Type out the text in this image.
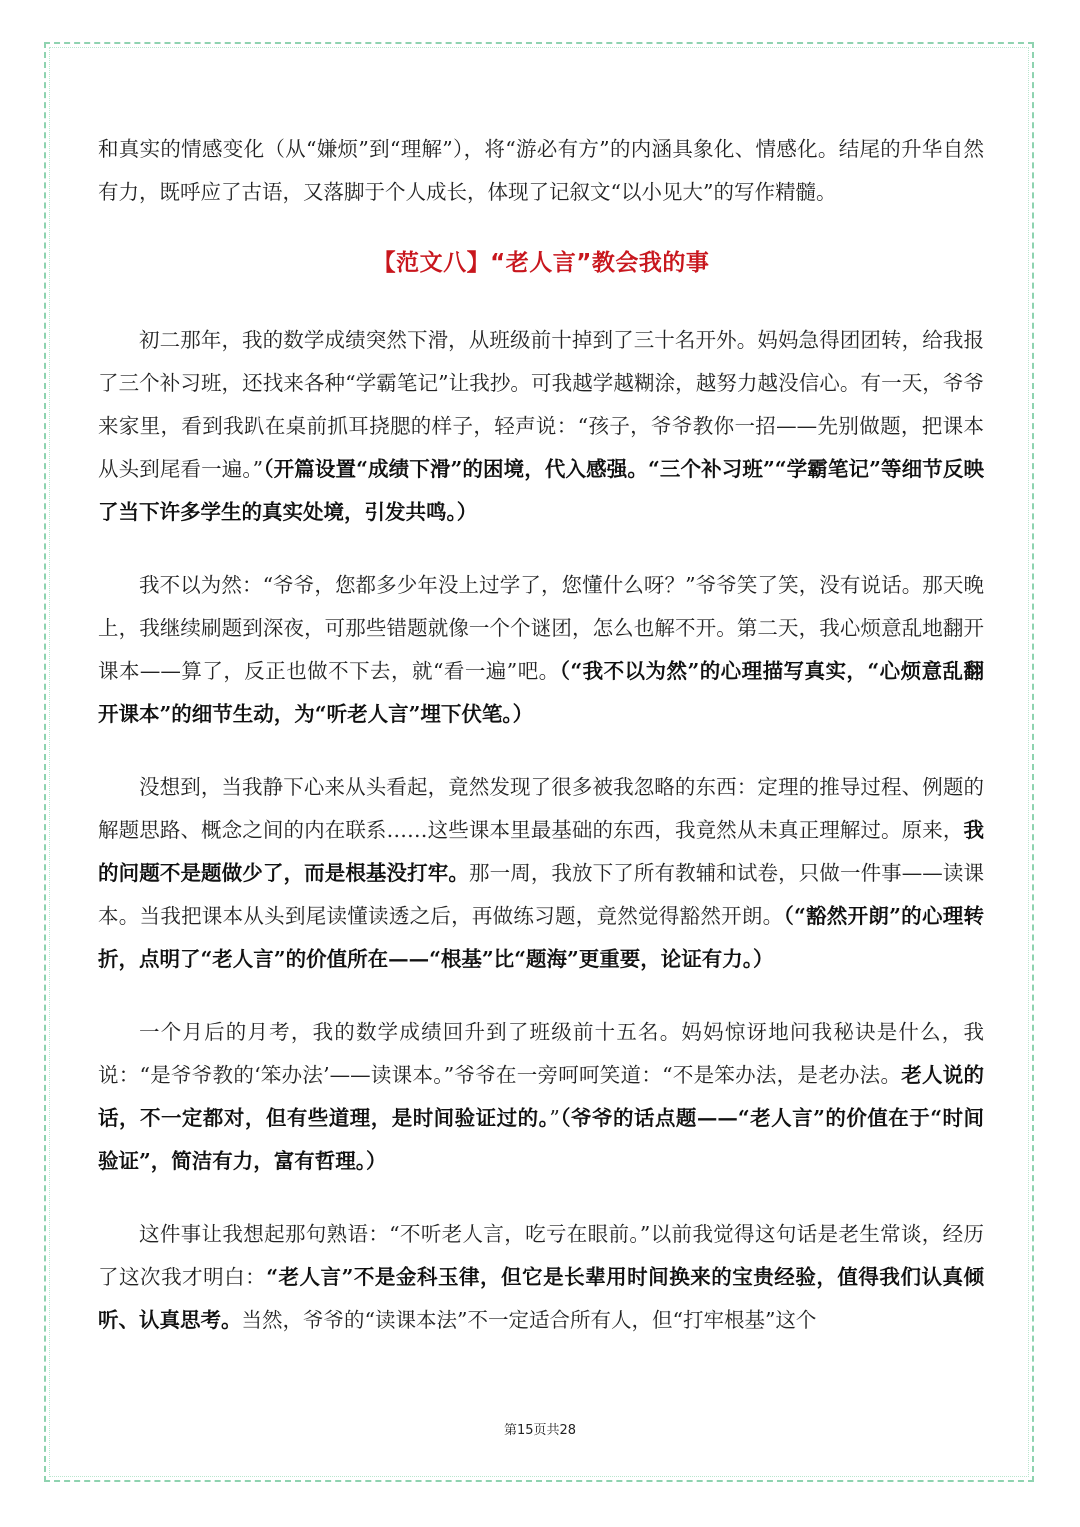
和真实的情感变化（从“嫌烦”到“理解”），将“游必有方”的内涵具象化、情感化。结尾的升华自然有力，既呼应了古语，又落脚于个人成长，体现了记叙文“以小见大”的写作精髓。

【范文八】“老人言”教会我的事

初二那年，我的数学成绩突然下滑，从班级前十掉到了三十名开外。妈妈急得团团转，给我报了三个补习班，还找来各种“学霸笔记”让我抄。可我越学越糊涂，越努力越没信心。有一天，爷爷来家里，看到我趴在桌前抓耳挠腮的样子，轻声说：“孩子，爷爷教你一招——先别做题，把课本从头到尾看一遍。”（开篇设置“成绩下滑”的困境，代入感强。“三个补习班”“学霸笔记”等细节反映了当下许多学生的真实处境，引发共鸣。）

我不以为然：“爷爷，您都多少年没上过学了，您懂什么呀？”爷爷笑了笑，没有说话。那天晚上，我继续刷题到深夜，可那些错题就像一个个谜团，怎么也解不开。第二天，我心烦意乱地翻开课本——算了，反正也做不下去，就“看一遍”吧。（“我不以为然”的心理描写真实，“心烦意乱翻开课本”的细节生动，为“听老人言”埋下伏笔。）

没想到，当我静下心来从头看起，竟然发现了很多被我忽略的东西：定理的推导过程、例题的解题思路、概念之间的内在联系……这些课本里最基础的东西，我竟然从未真正理解过。原来，我的问题不是题做少了，而是根基没打牢。那一周，我放下了所有教辅和试卷，只做一件事——读课本。当我把课本从头到尾读懂读透之后，再做练习题，竟然觉得豁然开朗。（“豁然开朗”的心理转折，点明了“老人言”的价值所在——“根基”比“题海”更重要，论证有力。）

一个月后的月考，我的数学成绩回升到了班级前十五名。妈妈惊讶地问我秘诀是什么，我说：“是爷爷教的‘笨办法’——读课本。”爷爷在一旁呵呵笑道：“不是笨办法，是老办法。老人说的话，不一定都对，但有些道理，是时间验证过的。”（爷爷的话点题——“老人言”的价值在于“时间验证”，简洁有力，富有哲理。）

这件事让我想起那句熟语：“不听老人言，吃亏在眼前。”以前我觉得这句话是老生常谈，经历了这次我才明白：“老人言”不是金科玉律，但它是长辈用时间换来的宝贵经验，值得我们认真倾听、认真思考。当然，爷爷的“读课本法”不一定适合所有人，但“打牢根基”这个

第15页共28
